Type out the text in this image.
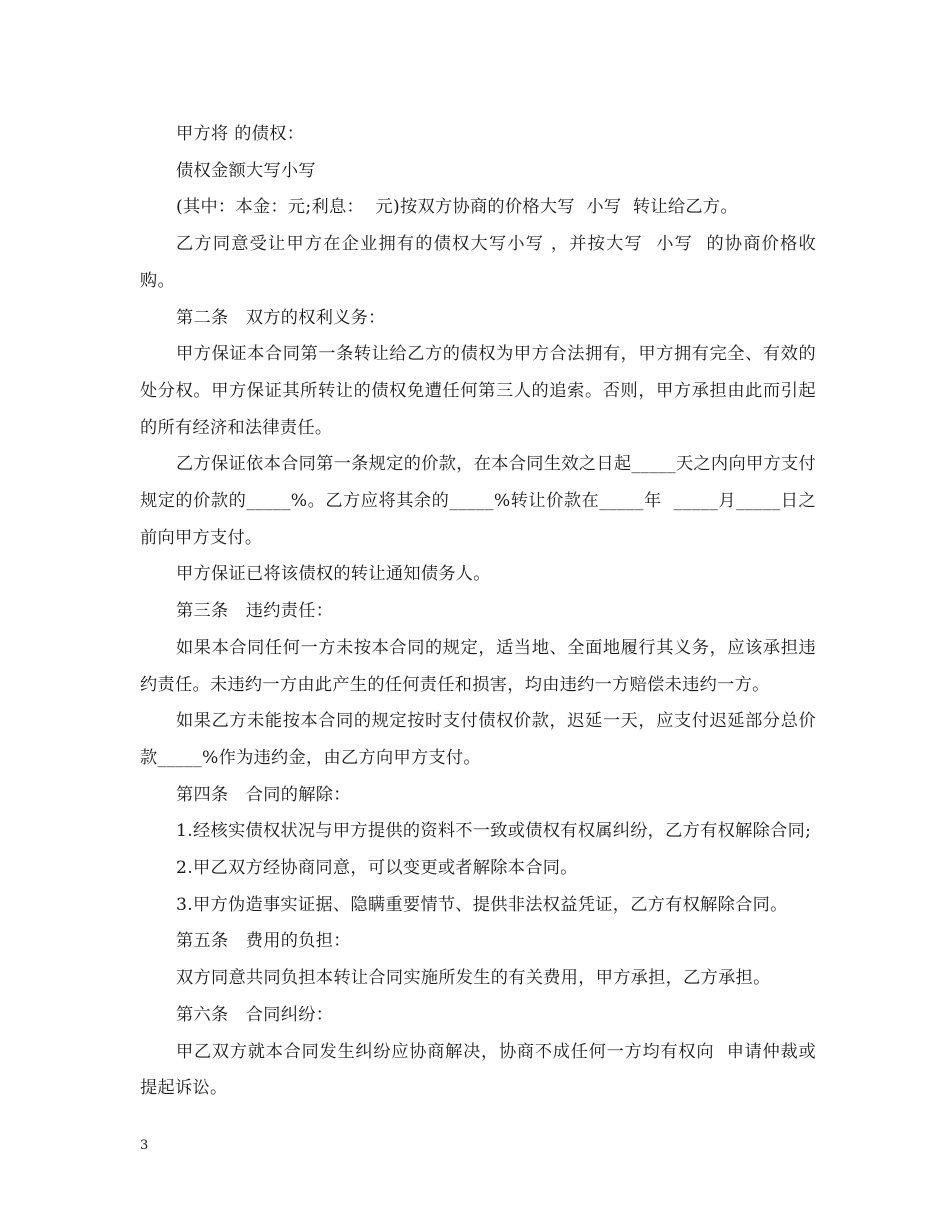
甲方将 的债权：

债权金额大写小写

(其中：本金：元;利息：  元)按双方协商的价格大写  小写  转让给乙方。

乙方同意受让甲方在企业拥有的债权大写小写 ，并按大写  小写  的协商价格收购。

第二条   双方的权利义务：

甲方保证本合同第一条转让给乙方的债权为甲方合法拥有，甲方拥有完全、有效的处分权。甲方保证其所转让的债权免遭任何第三人的追索。否则，甲方承担由此而引起的所有经济和法律责任。

乙方保证依本合同第一条规定的价款，在本合同生效之日起_____天之内向甲方支付规定的价款的_____%。乙方应将其余的_____%转让价款在_____年  _____月_____日之前向甲方支付。

甲方保证已将该债权的转让通知债务人。

第三条   违约责任：

如果本合同任何一方未按本合同的规定，适当地、全面地履行其义务，应该承担违约责任。未违约一方由此产生的任何责任和损害，均由违约一方赔偿未违约一方。

如果乙方未能按本合同的规定按时支付债权价款，迟延一天，应支付迟延部分总价款_____%作为违约金，由乙方向甲方支付。

第四条   合同的解除：

1.经核实债权状况与甲方提供的资料不一致或债权有权属纠纷，乙方有权解除合同;

2.甲乙双方经协商同意，可以变更或者解除本合同。

3.甲方伪造事实证据、隐瞒重要情节、提供非法权益凭证，乙方有权解除合同。

第五条   费用的负担：

双方同意共同负担本转让合同实施所发生的有关费用，甲方承担，乙方承担。

第六条   合同纠纷：

甲乙双方就本合同发生纠纷应协商解决，协商不成任何一方均有权向  申请仲裁或提起诉讼。

3
